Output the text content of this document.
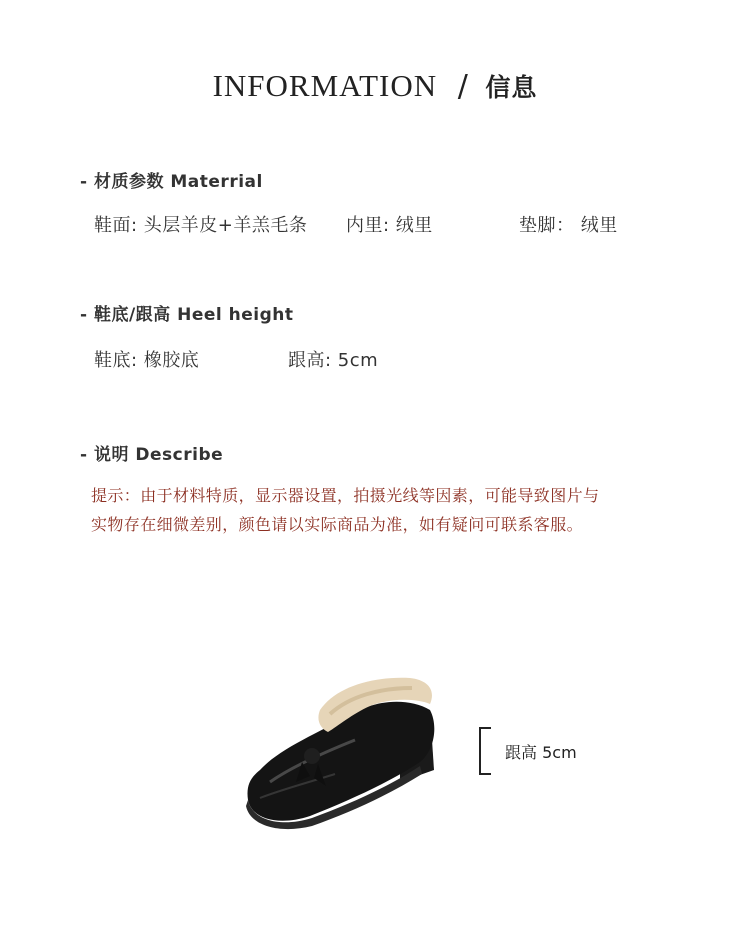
INFORMATION / 信息
- 材质参数 Materrial
鞋面: 头层羊皮+羊羔毛条 内里: 绒里	垫脚： 绒里
- 鞋底/跟高 Heel height
鞋底: 橡胶底	跟高: 5cm
- 说明 Describe
提示：由于材料特质，显示器设置，拍摄光线等因素，可能导致图片与
实物存在细微差别，颜色请以实际商品为准，如有疑问可联系客服。
跟高 5cm
